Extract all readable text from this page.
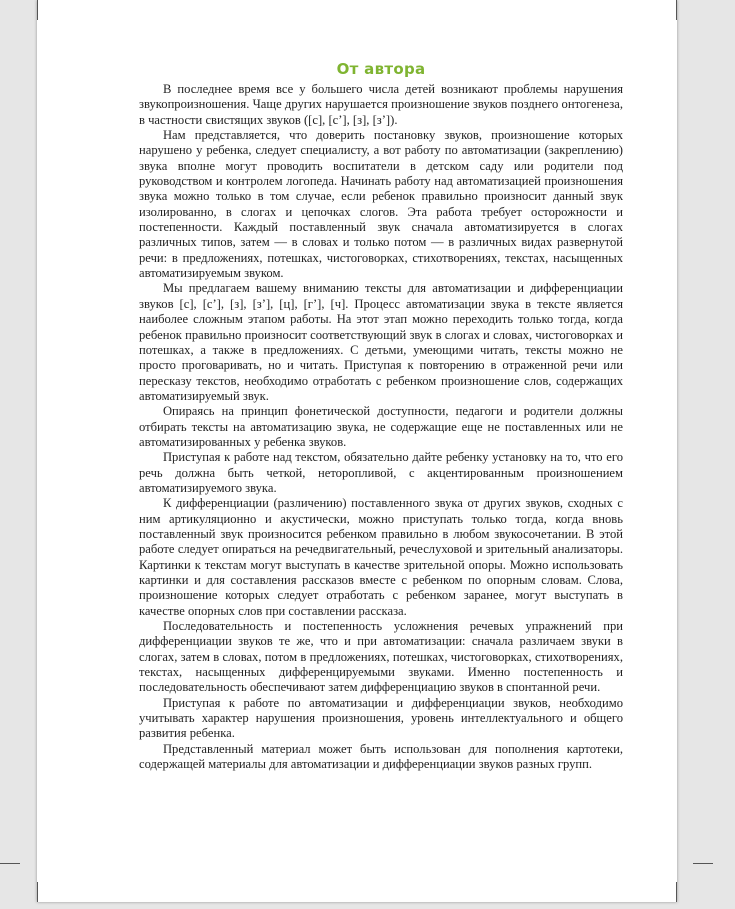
От автора

В последнее время все у большего числа детей возникают проблемы нарушения звукопроизношения. Чаще других нарушается произношение звуков позднего онтогенеза, в частности свистящих звуков ([с], [с’], [з], [з’]).

Нам представляется, что доверить постановку звуков, произношение которых нарушено у ребенка, следует специалисту, а вот работу по автоматизации (закреплению) звука вполне могут проводить воспитатели в детском саду или родители под руководством и контролем логопеда. Начинать работу над автоматизацией произношения звука можно только в том случае, если ребенок правильно произносит данный звук изолированно, в слогах и цепочках слогов. Эта работа требует осторожности и постепенности. Каждый поставленный звук сначала автоматизируется в слогах различных типов, затем — в словах и только потом — в различных видах развернутой речи: в предложениях, потешках, чистоговорках, стихотворениях, текстах, насыщенных автоматизируемым звуком.

Мы предлагаем вашему вниманию тексты для автоматизации и дифференциации звуков [с], [с’], [з], [з’], [ц], [г’], [ч]. Процесс автоматизации звука в тексте является наиболее сложным этапом работы. На этот этап можно переходить только тогда, когда ребенок правильно произносит соответствующий звук в слогах и словах, чистоговорках и потешках, а также в предложениях. С детьми, умеющими читать, тексты можно не просто проговаривать, но и читать. Приступая к повторению в отраженной речи или пересказу текстов, необходимо отработать с ребенком произношение слов, содержащих автоматизируемый звук.

Опираясь на принцип фонетической доступности, педагоги и родители должны отбирать тексты на автоматизацию звука, не содержащие еще не поставленных или не автоматизированных у ребенка звуков.

Приступая к работе над текстом, обязательно дайте ребенку установку на то, что его речь должна быть четкой, неторопливой, с акцентированным произношением автоматизируемого звука.

К дифференциации (различению) поставленного звука от других звуков, сходных с ним артикуляционно и акустически, можно приступать только тогда, когда вновь поставленный звук произносится ребенком правильно в любом звукосочетании. В этой работе следует опираться на речедвигательный, речеслуховой и зрительный анализаторы. Картинки к текстам могут выступать в качестве зрительной опоры. Можно использовать картинки и для составления рассказов вместе с ребенком по опорным словам. Слова, произношение которых следует отработать с ребенком заранее, могут выступать в качестве опорных слов при составлении рассказа.

Последовательность и постепенность усложнения речевых упражнений при дифференциации звуков те же, что и при автоматизации: сначала различаем звуки в слогах, затем в словах, потом в предложениях, потешках, чистоговорках, стихотворениях, текстах, насыщенных дифференцируемыми звуками. Именно постепенность и последовательность обеспечивают затем дифференциацию звуков в спонтанной речи.

Приступая к работе по автоматизации и дифференциации звуков, необходимо учитывать характер нарушения произношения, уровень интеллектуального и общего развития ребенка.

Представленный материал может быть использован для пополнения картотеки, содержащей материалы для автоматизации и дифференциации звуков разных групп.
